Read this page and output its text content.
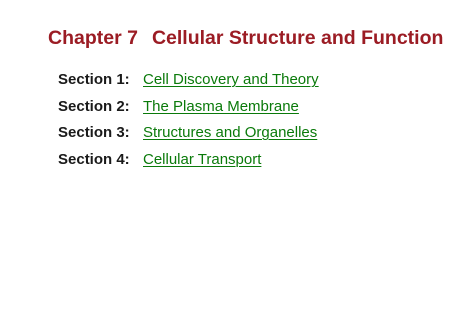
Chapter 7 Cellular Structure and Function
Section 1: Cell Discovery and Theory
Section 2: The Plasma Membrane
Section 3: Structures and Organelles
Section 4: Cellular Transport
